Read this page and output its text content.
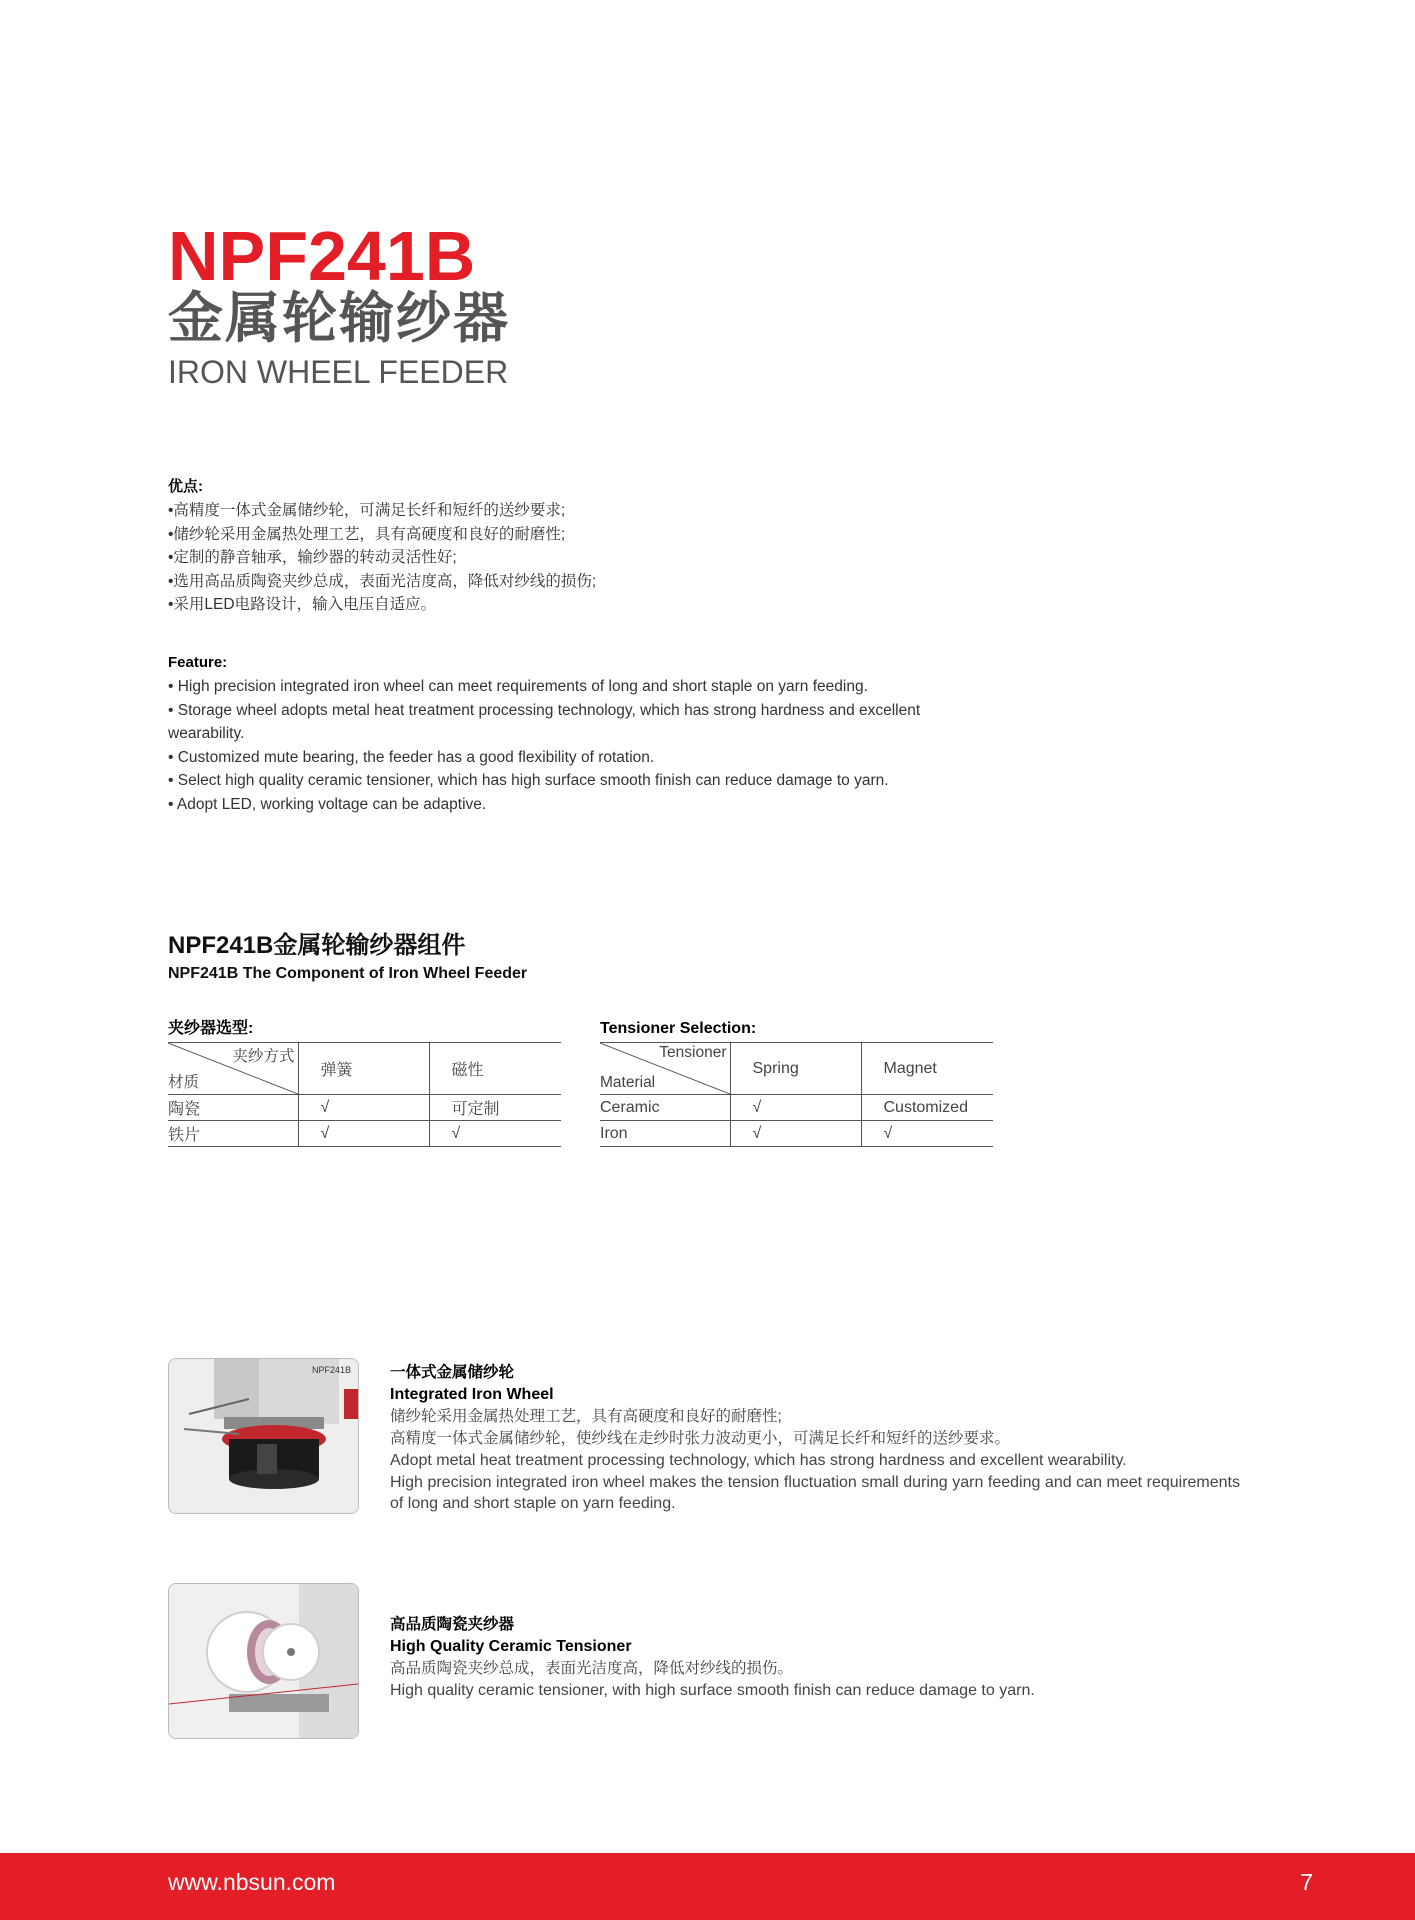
NPF241B
金属轮输纱器
IRON WHEEL FEEDER

优点:

•高精度一体式金属储纱轮，可满足长纤和短纤的送纱要求;
•储纱轮采用金属热处理工艺，具有高硬度和良好的耐磨性;
•定制的静音轴承，输纱器的转动灵活性好;
•选用高品质陶瓷夹纱总成，表面光洁度高，降低对纱线的损伤;
•采用LED电路设计，输入电压自适应。

Feature:

• High precision integrated iron wheel can meet requirements of long and short staple on yarn feeding.
• Storage wheel adopts metal heat treatment processing technology, which has strong hardness and excellent wearability.
• Customized mute bearing, the feeder has a good flexibility of rotation.
• Select high quality ceramic tensioner, which has high surface smooth finish can reduce damage to yarn.
• Adopt LED, working voltage can be adaptive.
NPF241B金属轮输纱器组件
NPF241B The Component of Iron Wheel Feeder
夹纱器选型:
夹纱方式
材质	弹簧	磁性
陶瓷	√	可定制
铁片	√	√
Tensioner Selection:
Tensioner
Material	Spring	Magnet
Ceramic	√	Customized
Iron	√	√
NPF241B	一体式金属储纱轮
Integrated Iron Wheel
储纱轮采用金属热处理工艺，具有高硬度和良好的耐磨性;
高精度一体式金属储纱轮，使纱线在走纱时张力波动更小，可满足长纤和短纤的送纱要求。
Adopt metal heat treatment processing technology, which has strong hardness and excellent wearability.
High precision integrated iron wheel makes the tension fluctuation small during yarn feeding and can meet requirements of long and short staple on yarn feeding.
高品质陶瓷夹纱器
High Quality Ceramic Tensioner
高品质陶瓷夹纱总成，表面光洁度高，降低对纱线的损伤。
High quality ceramic tensioner, with high surface smooth finish can reduce damage to yarn.
www.nbsun.com	7
